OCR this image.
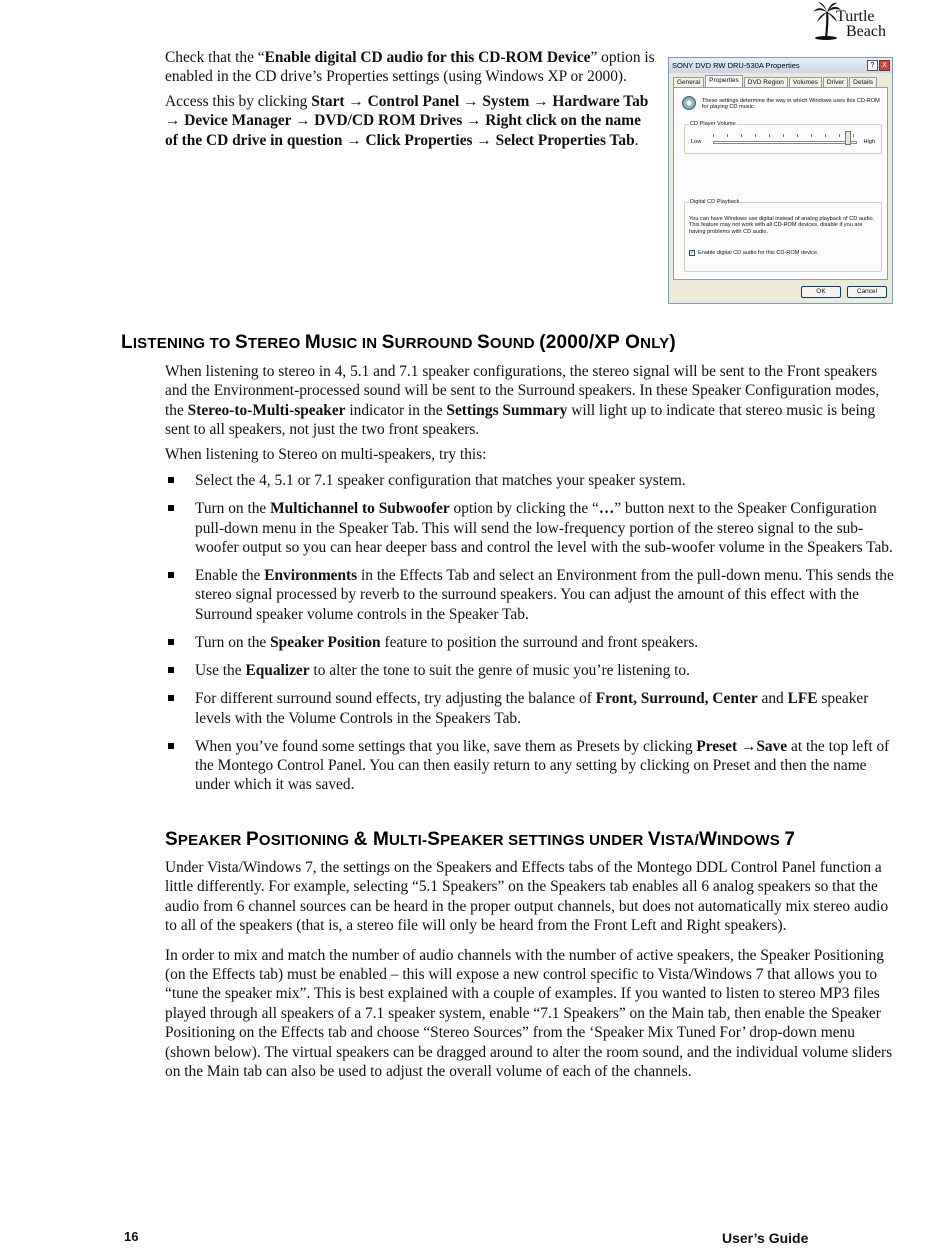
Turtle
Beach

Check that the “Enable digital CD audio for this CD-ROM Device” option is enabled in the CD drive’s Properties settings (using Windows XP or 2000).

Access this by clicking Start → Control Panel → System → Hardware Tab → Device Manager → DVD/CD ROM Drives → Right click on the name of the CD drive in question → Click Properties → Select Properties Tab.

SONY DVD RW DRU-530A Properties	?	X
General	Properties	DVD Region	Volumes	Driver	Details
These settings determine the way in which Windows uses this CD-ROM for playing CD music.
CD Player Volume
Low	High
Digital CD Playback
You can have Windows use digital instead of analog playback of CD audio. This feature may not work with all CD-ROM devices, disable if you are having problems with CD audio.
✓ Enable digital CD audio for this CD-ROM device.
OK	Cancel
LISTENING TO STEREO MUSIC IN SURROUND SOUND (2000/XP ONLY)

When listening to stereo in 4, 5.1 and 7.1 speaker configurations, the stereo signal will be sent to the Front speakers and the Environment-processed sound will be sent to the Surround speakers. In these Speaker Configuration modes, the Stereo-to-Multi-speaker indicator in the Settings Summary will light up to indicate that stereo music is being sent to all speakers, not just the two front speakers.

When listening to Stereo on multi-speakers, try this:

Select the 4, 5.1 or 7.1 speaker configuration that matches your speaker system.
Turn on the Multichannel to Subwoofer option by clicking the “…” button next to the Speaker Configuration pull-down menu in the Speaker Tab. This will send the low-frequency portion of the stereo signal to the sub-woofer output so you can hear deeper bass and control the level with the sub-woofer volume in the Speakers Tab.
Enable the Environments in the Effects Tab and select an Environment from the pull-down menu. This sends the stereo signal processed by reverb to the surround speakers. You can adjust the amount of this effect with the Surround speaker volume controls in the Speaker Tab.
Turn on the Speaker Position feature to position the surround and front speakers.
Use the Equalizer to alter the tone to suit the genre of music you’re listening to.
For different surround sound effects, try adjusting the balance of Front, Surround, Center and LFE speaker levels with the Volume Controls in the Speakers Tab.
When you’ve found some settings that you like, save them as Presets by clicking Preset →Save at the top left of the Montego Control Panel. You can then easily return to any setting by clicking on Preset and then the name under which it was saved.
SPEAKER POSITIONING & MULTI-SPEAKER SETTINGS UNDER VISTA/WINDOWS 7

Under Vista/Windows 7, the settings on the Speakers and Effects tabs of the Montego DDL Control Panel function a little differently. For example, selecting “5.1 Speakers” on the Speakers tab enables all 6 analog speakers so that the audio from 6 channel sources can be heard in the proper output channels, but does not automatically mix stereo audio to all of the speakers (that is, a stereo file will only be heard from the Front Left and Right speakers).

In order to mix and match the number of audio channels with the number of active speakers, the Speaker Positioning (on the Effects tab) must be enabled – this will expose a new control specific to Vista/Windows 7 that allows you to “tune the speaker mix”. This is best explained with a couple of examples. If you wanted to listen to stereo MP3 files played through all speakers of a 7.1 speaker system, enable “7.1 Speakers” on the Main tab, then enable the Speaker Positioning on the Effects tab and choose “Stereo Sources” from the ‘Speaker Mix Tuned For’ drop-down menu (shown below). The virtual speakers can be dragged around to alter the room sound, and the individual volume sliders on the Main tab can also be used to adjust the overall volume of each of the channels.

16	User’s Guide
